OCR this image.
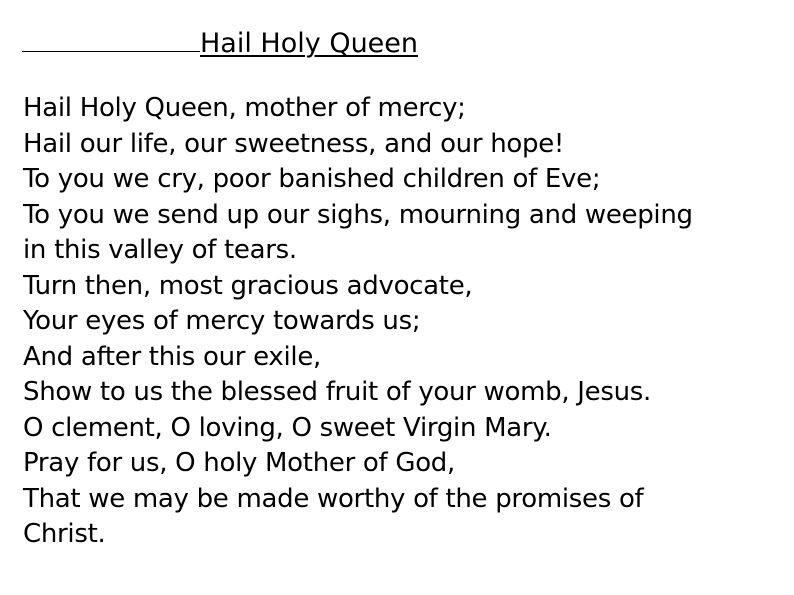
Hail Holy Queen
Hail Holy Queen, mother of mercy;
Hail our life, our sweetness, and our hope!
To you we cry, poor banished children of Eve;
To you we send up our sighs, mourning and weeping
in this valley of tears.
Turn then, most gracious advocate,
Your eyes of mercy towards us;
And after this our exile,
Show to us the blessed fruit of your womb, Jesus.
O clement, O loving, O sweet Virgin Mary.
Pray for us, O holy Mother of God,
That we may be made worthy of the promises of
Christ.
